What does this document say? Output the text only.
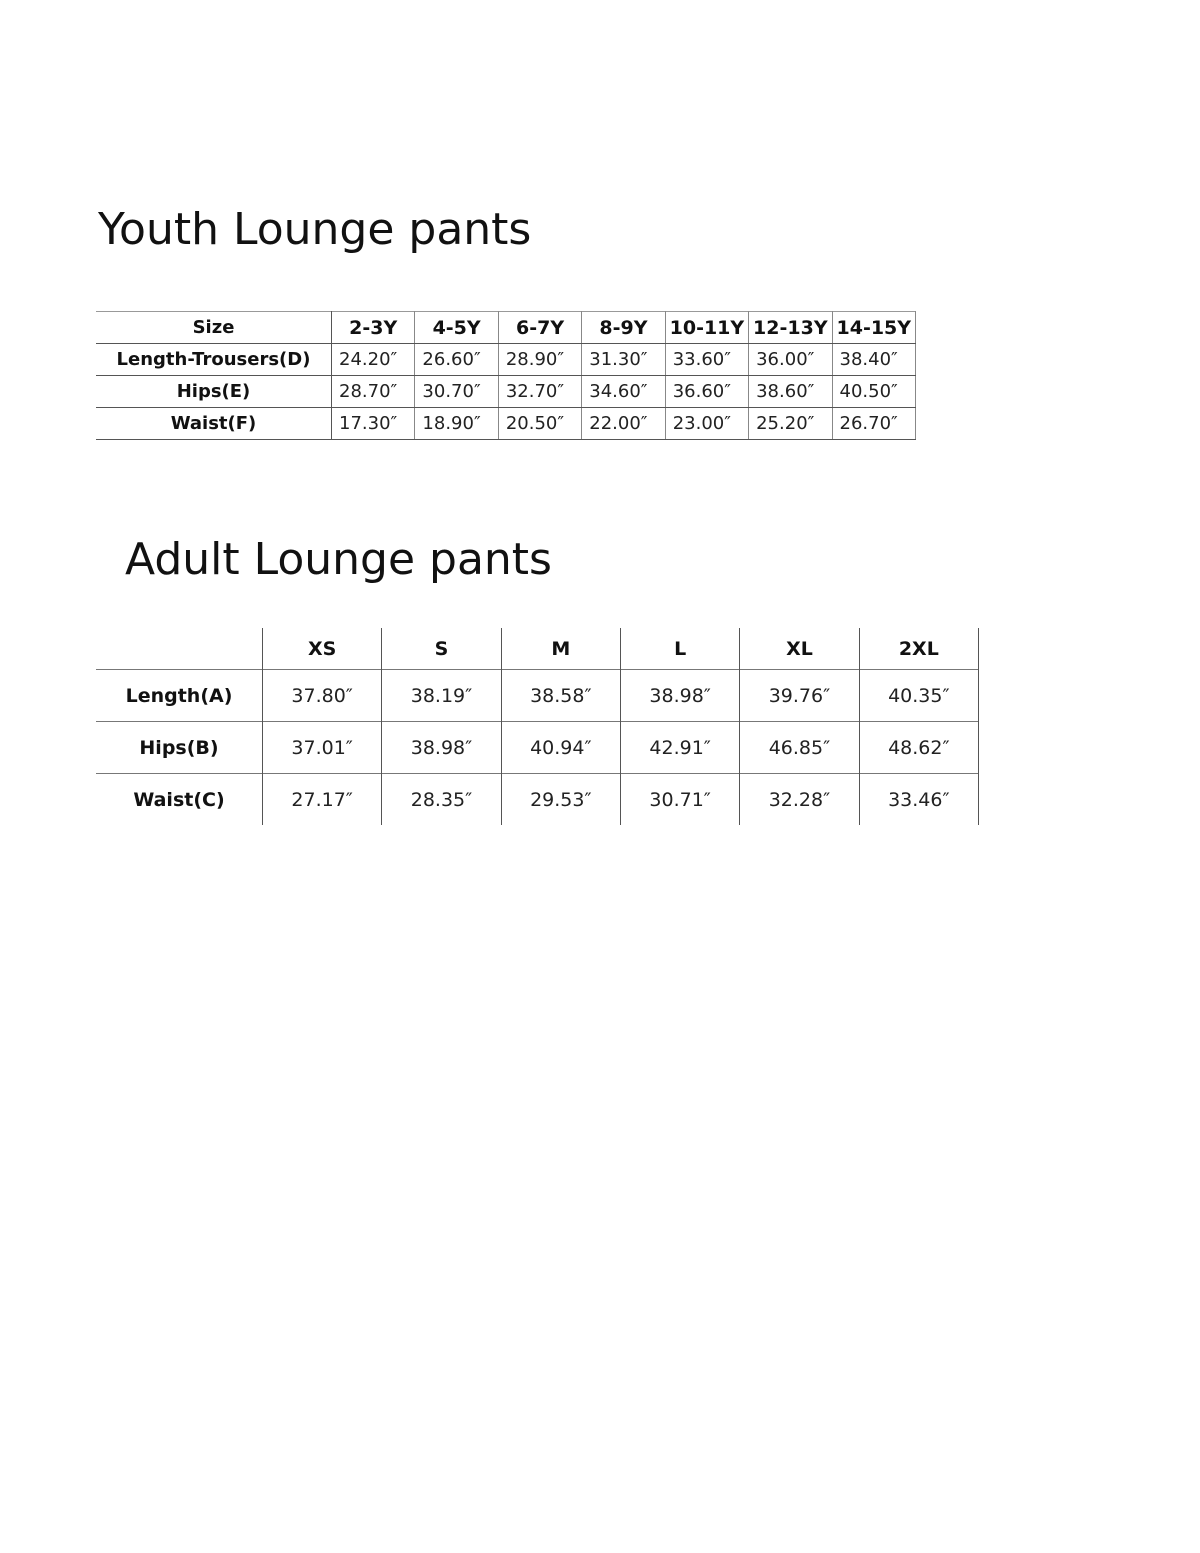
Youth Lounge pants
Size	2-3Y	4-5Y	6-7Y	8-9Y	10-11Y	12-13Y	14-15Y
Length-Trousers(D)	24.20″	26.60″	28.90″	31.30″	33.60″	36.00″	38.40″
Hips(E)	28.70″	30.70″	32.70″	34.60″	36.60″	38.60″	40.50″
Waist(F)	17.30″	18.90″	20.50″	22.00″	23.00″	25.20″	26.70″
Adult Lounge pants
	XS	S	M	L	XL	2XL
Length(A)	37.80″	38.19″	38.58″	38.98″	39.76″	40.35″
Hips(B)	37.01″	38.98″	40.94″	42.91″	46.85″	48.62″
Waist(C)	27.17″	28.35″	29.53″	30.71″	32.28″	33.46″
